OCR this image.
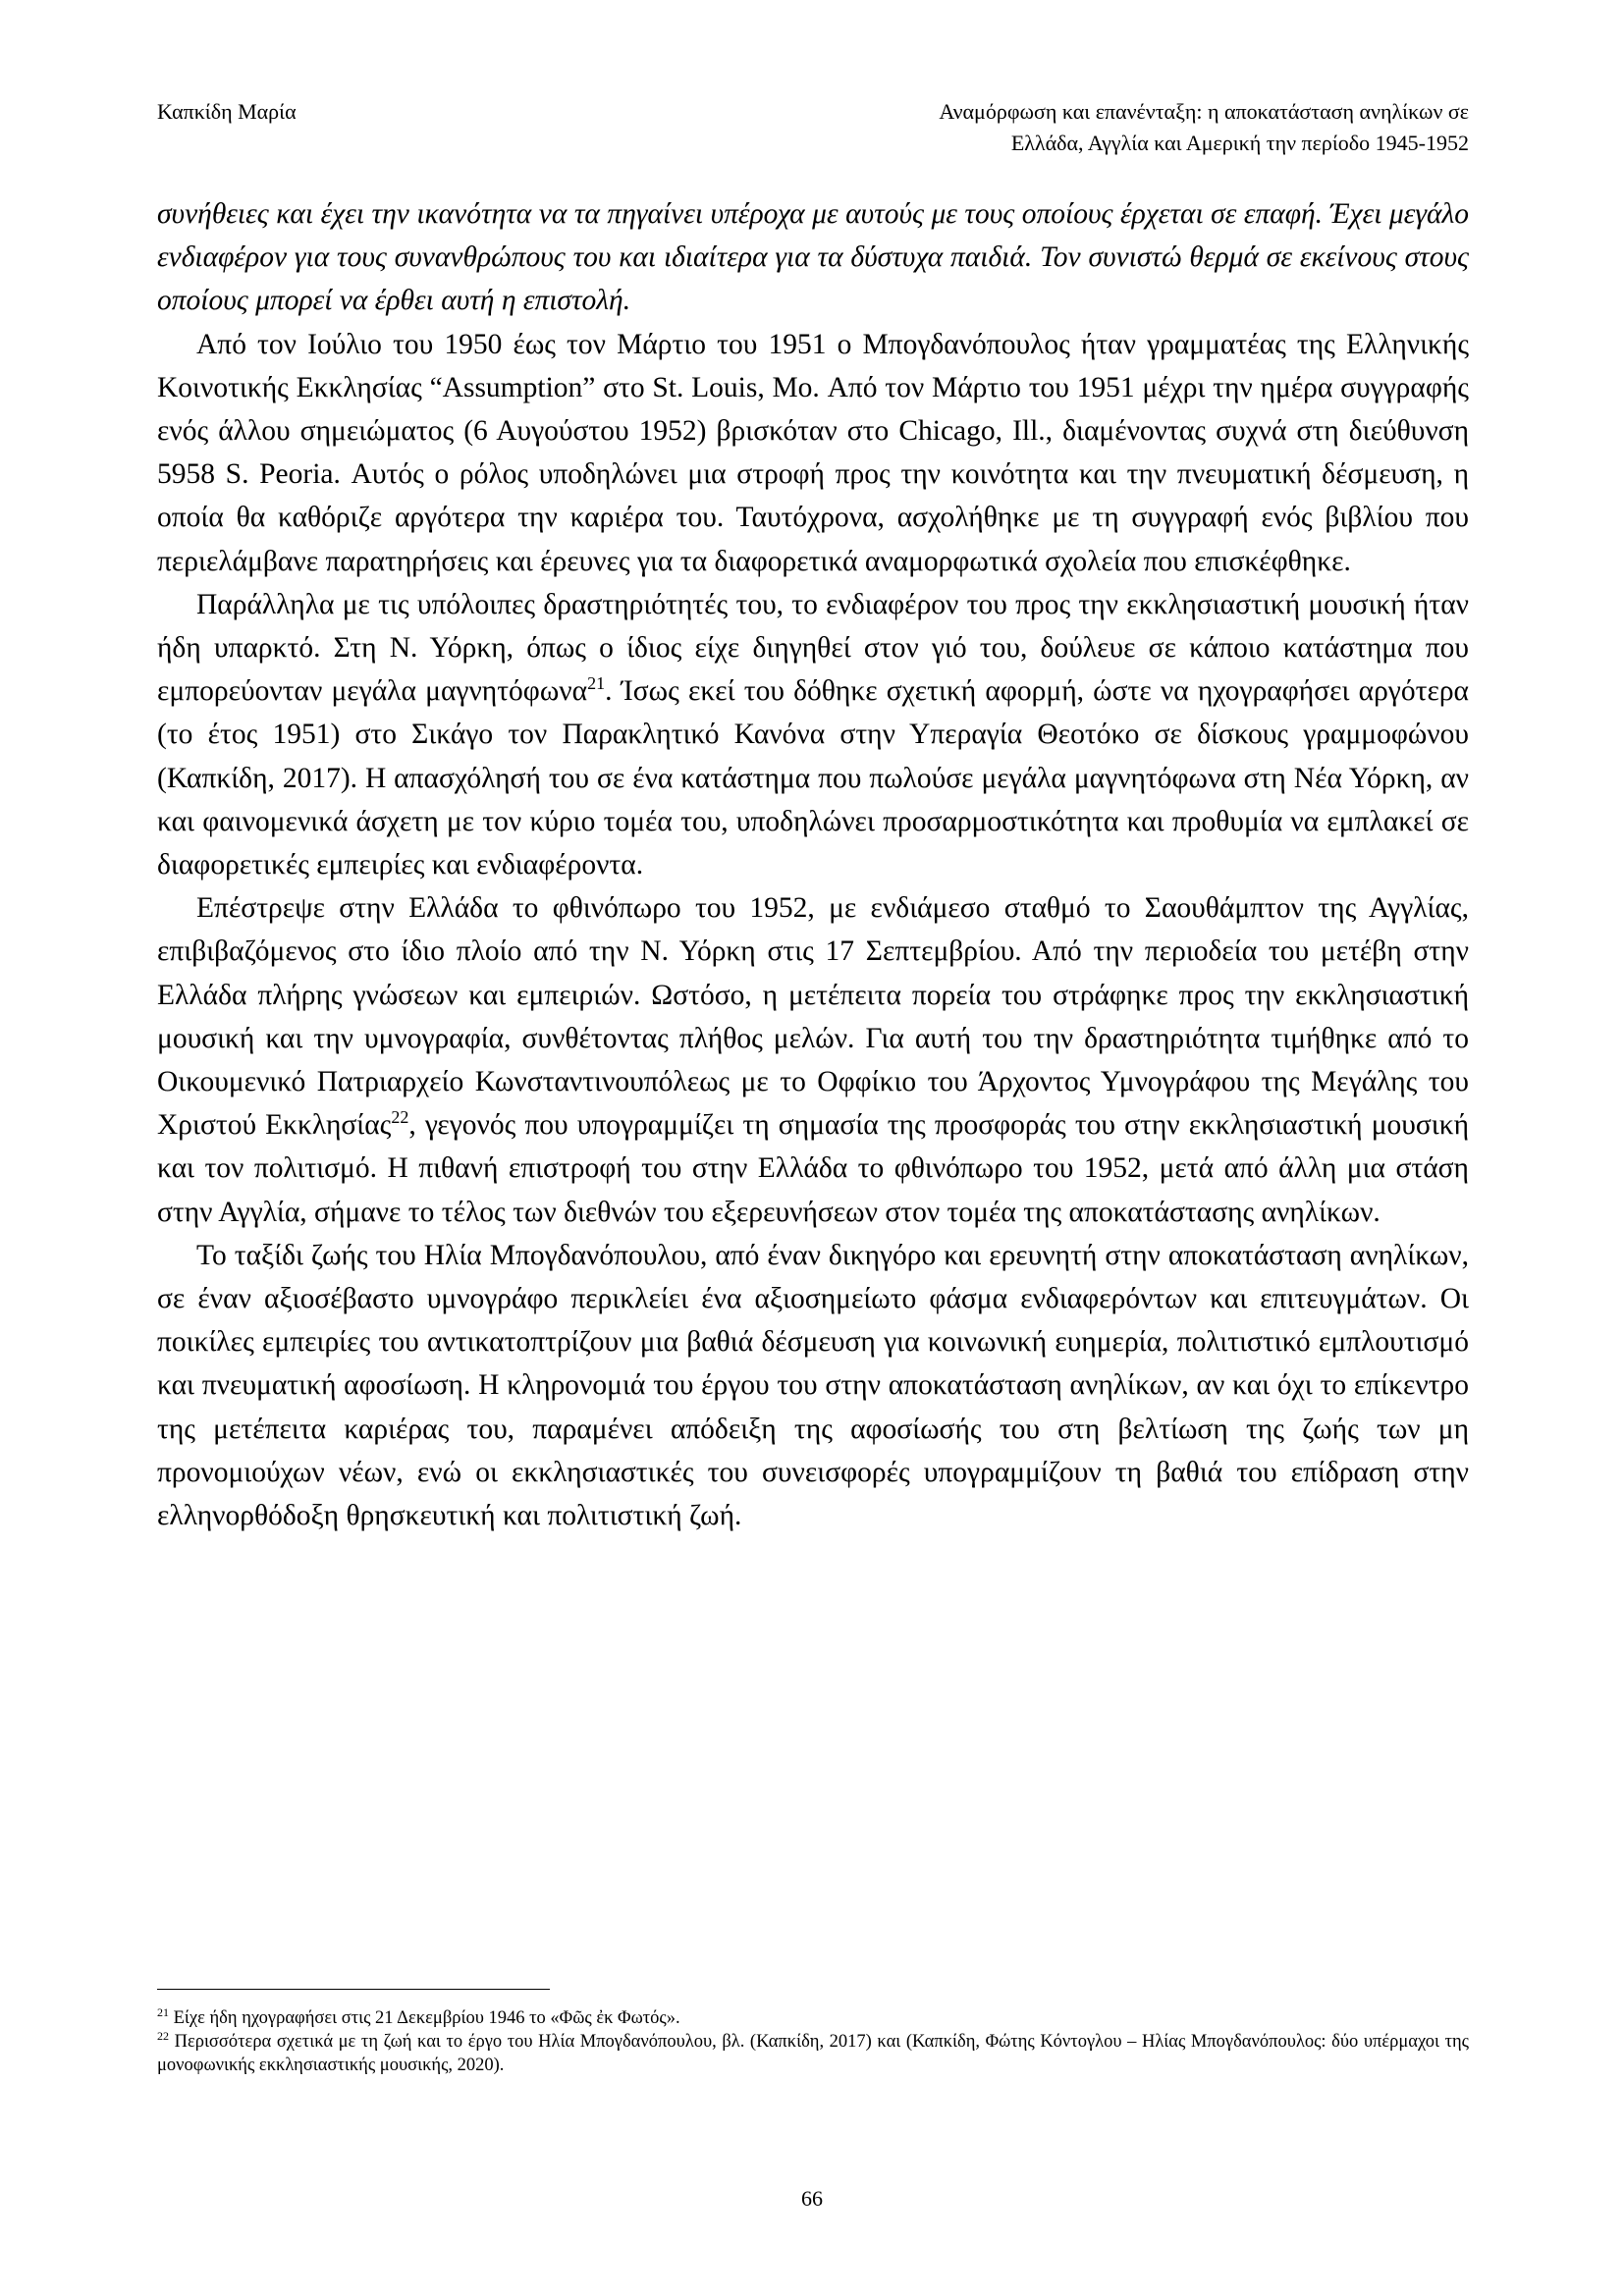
Καπκίδη Μαρία	Αναμόρφωση και επανένταξη: η αποκατάσταση ανηλίκων σε
Ελλάδα, Αγγλία και Αμερική την περίοδο 1945-1952

συνήθειες και έχει την ικανότητα να τα πηγαίνει υπέροχα με αυτούς με τους οποίους έρχεται σε επαφή. Έχει μεγάλο ενδιαφέρον για τους συνανθρώπους του και ιδιαίτερα για τα δύστυχα παιδιά. Τον συνιστώ θερμά σε εκείνους στους οποίους μπορεί να έρθει αυτή η επιστολή.

Από τον Ιούλιο του 1950 έως τον Μάρτιο του 1951 ο Μπογδανόπουλος ήταν γραμματέας της Ελληνικής Κοινοτικής Εκκλησίας “Assumption” στο St. Louis, Mo. Από τον Μάρτιο του 1951 μέχρι την ημέρα συγγραφής ενός άλλου σημειώματος (6 Αυγούστου 1952) βρισκόταν στο Chicago, Ill., διαμένοντας συχνά στη διεύθυνση 5958 S. Peoria. Αυτός ο ρόλος υποδηλώνει μια στροφή προς την κοινότητα και την πνευματική δέσμευση, η οποία θα καθόριζε αργότερα την καριέρα του. Ταυτόχρονα, ασχολήθηκε με τη συγγραφή ενός βιβλίου που περιελάμβανε παρατηρήσεις και έρευνες για τα διαφορετικά αναμορφωτικά σχολεία που επισκέφθηκε.

Παράλληλα με τις υπόλοιπες δραστηριότητές του, το ενδιαφέρον του προς την εκκλησιαστική μουσική ήταν ήδη υπαρκτό. Στη Ν. Υόρκη, όπως ο ίδιος είχε διηγηθεί στον γιό του, δούλευε σε κάποιο κατάστημα που εμπορεύονταν μεγάλα μαγνητόφωνα$^{21}$. Ίσως εκεί του δόθηκε σχετική αφορμή, ώστε να ηχογραφήσει αργότερα (το έτος 1951) στο Σικάγο τον Παρακλητικό Κανόνα στην Υπεραγία Θεοτόκο σε δίσκους γραμμοφώνου (Καπκίδη, 2017). Η απασχόλησή του σε ένα κατάστημα που πωλούσε μεγάλα μαγνητόφωνα στη Νέα Υόρκη, αν και φαινομενικά άσχετη με τον κύριο τομέα του, υποδηλώνει προσαρμοστικότητα και προθυμία να εμπλακεί σε διαφορετικές εμπειρίες και ενδιαφέροντα.

Επέστρεψε στην Ελλάδα το φθινόπωρο του 1952, με ενδιάμεσο σταθμό το Σαουθάμπτον της Αγγλίας, επιβιβαζόμενος στο ίδιο πλοίο από την Ν. Υόρκη στις 17 Σεπτεμβρίου. Από την περιοδεία του μετέβη στην Ελλάδα πλήρης γνώσεων και εμπειριών. Ωστόσο, η μετέπειτα πορεία του στράφηκε προς την εκκλησιαστική μουσική και την υμνογραφία, συνθέτοντας πλήθος μελών. Για αυτή του την δραστηριότητα τιμήθηκε από το Οικουμενικό Πατριαρχείο Κωνσταντινουπόλεως με το Οφφίκιο του Άρχοντος Υμνογράφου της Μεγάλης του Χριστού Εκκλησίας$^{22}$, γεγονός που υπογραμμίζει τη σημασία της προσφοράς του στην εκκλησιαστική μουσική και τον πολιτισμό. Η πιθανή επιστροφή του στην Ελλάδα το φθινόπωρο του 1952, μετά από άλλη μια στάση στην Αγγλία, σήμανε το τέλος των διεθνών του εξερευνήσεων στον τομέα της αποκατάστασης ανηλίκων.

Το ταξίδι ζωής του Ηλία Μπογδανόπουλου, από έναν δικηγόρο και ερευνητή στην αποκατάσταση ανηλίκων, σε έναν αξιοσέβαστο υμνογράφο περικλείει ένα αξιοσημείωτο φάσμα ενδιαφερόντων και επιτευγμάτων. Οι ποικίλες εμπειρίες του αντικατοπτρίζουν μια βαθιά δέσμευση για κοινωνική ευημερία, πολιτιστικό εμπλουτισμό και πνευματική αφοσίωση. Η κληρονομιά του έργου του στην αποκατάσταση ανηλίκων, αν και όχι το επίκεντρο της μετέπειτα καριέρας του, παραμένει απόδειξη της αφοσίωσής του στη βελτίωση της ζωής των μη προνομιούχων νέων, ενώ οι εκκλησιαστικές του συνεισφορές υπογραμμίζουν τη βαθιά του επίδραση στην ελληνορθόδοξη θρησκευτική και πολιτιστική ζωή.

$^{21}$ Είχε ήδη ηχογραφήσει στις 21 Δεκεμβρίου 1946 το «Φῶς ἐκ Φωτός».

$^{22}$ Περισσότερα σχετικά με τη ζωή και το έργο του Ηλία Μπογδανόπουλου, βλ. (Καπκίδη, 2017) και (Καπκίδη, Φώτης Κόντογλου – Ηλίας Μπογδανόπουλος: δύο υπέρμαχοι της μονοφωνικής εκκλησιαστικής μουσικής, 2020).

66
